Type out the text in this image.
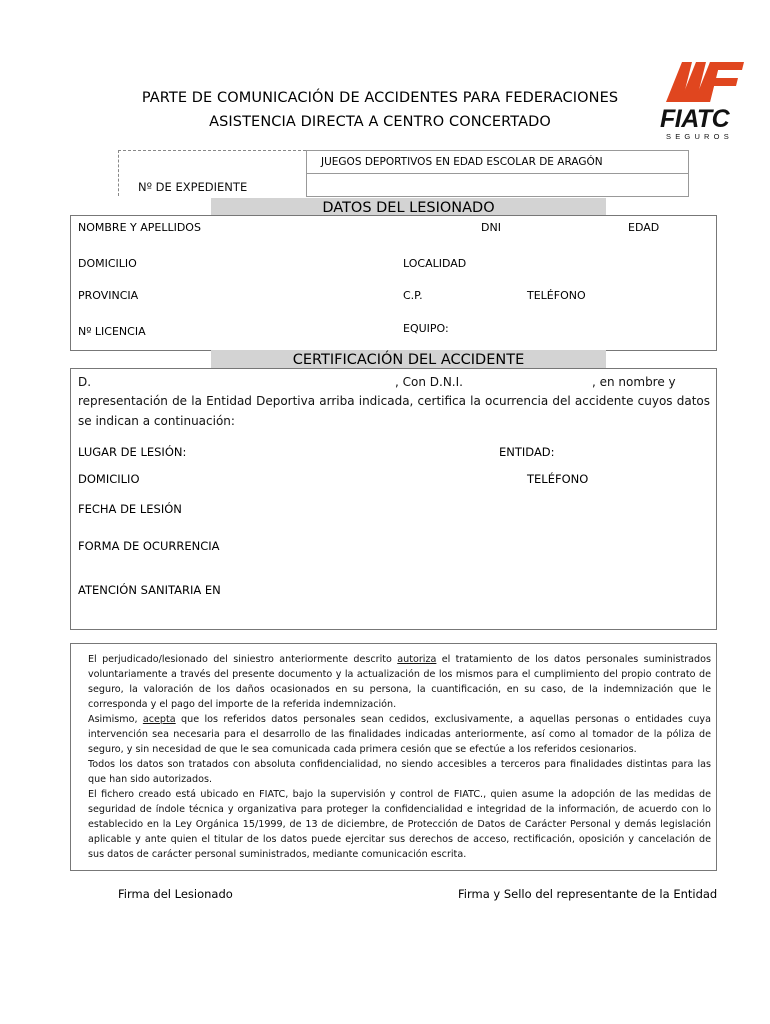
PARTE DE COMUNICACIÓN DE ACCIDENTES PARA FEDERACIONES
ASISTENCIA DIRECTA A CENTRO CONCERTADO	FIATC
SEGUROS
JUEGOS DEPORTIVOS EN EDAD ESCOLAR DE ARAGÓN
Nº DE EXPEDIENTE
DATOS DEL LESIONADO
NOMBRE Y APELLIDOS	DNI	EDAD
DOMICILIO	LOCALIDAD
PROVINCIA	C.P.	TELÉFONO
Nº LICENCIA	EQUIPO:
CERTIFICACIÓN DEL ACCIDENTE
D.	, Con D.N.I.	, en nombre y
representación de la Entidad Deportiva arriba indicada, certifica la ocurrencia del accidente cuyos datos se indican a continuación:
LUGAR DE LESIÓN:	ENTIDAD:
DOMICILIO	TELÉFONO
FECHA DE LESIÓN
FORMA DE OCURRENCIA
ATENCIÓN SANITARIA EN

El perjudicado/lesionado del siniestro anteriormente descrito autoriza el tratamiento de los datos personales suministrados voluntariamente a través del presente documento y la actualización de los mismos para el cumplimiento del propio contrato de seguro, la valoración de los daños ocasionados en su persona, la cuantificación, en su caso, de la indemnización que le corresponda y el pago del importe de la referida indemnización.

Asimismo, acepta que los referidos datos personales sean cedidos, exclusivamente, a aquellas personas o entidades cuya intervención sea necesaria para el desarrollo de las finalidades indicadas anteriormente, así como al tomador de la póliza de seguro, y sin necesidad de que le sea comunicada cada primera cesión que se efectúe a los referidos cesionarios.

Todos los datos son tratados con absoluta confidencialidad, no siendo accesibles a terceros para finalidades distintas para las que han sido autorizados.

El fichero creado está ubicado en FIATC, bajo la supervisión y control de FIATC., quien asume la adopción de las medidas de seguridad de índole técnica y organizativa para proteger la confidencialidad e integridad de la información, de acuerdo con lo establecido en la Ley Orgánica 15/1999, de 13 de diciembre, de Protección de Datos de Carácter Personal y demás legislación aplicable y ante quien el titular de los datos puede ejercitar sus derechos de acceso, rectificación, oposición y cancelación de sus datos de carácter personal suministrados, mediante comunicación escrita.

Firma del Lesionado	Firma y Sello del representante de la Entidad
